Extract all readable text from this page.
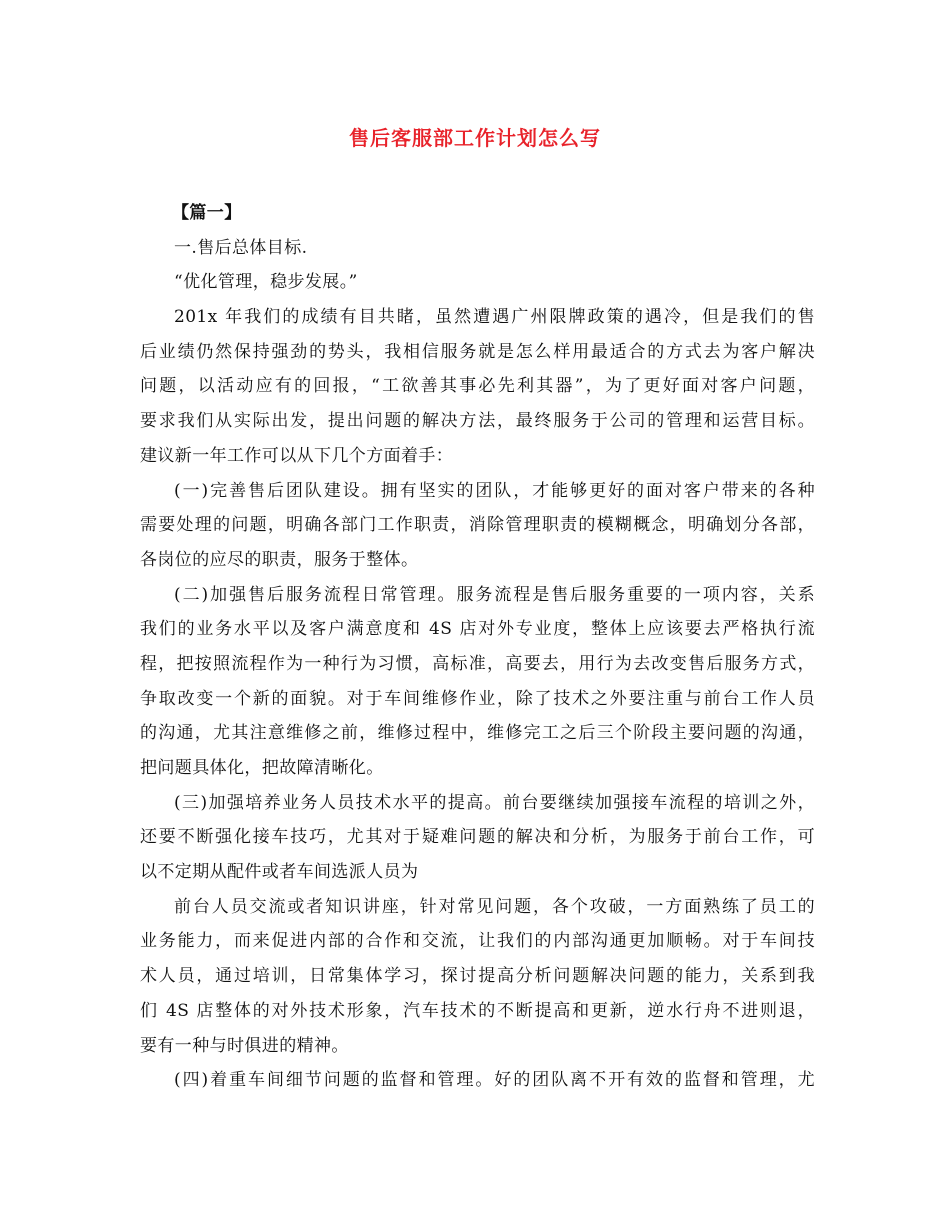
售后客服部工作计划怎么写
【篇一】
一.售后总体目标.
“优化管理，稳步发展。”
201x 年我们的成绩有目共睹，虽然遭遇广州限牌政策的遇冷，但是我们的售
后业绩仍然保持强劲的势头，我相信服务就是怎么样用最适合的方式去为客户解决
问题，以活动应有的回报，“工欲善其事必先利其器”，为了更好面对客户问题，
要求我们从实际出发，提出问题的解决方法，最终服务于公司的管理和运营目标。
建议新一年工作可以从下几个方面着手：
(一)完善售后团队建设。拥有坚实的团队，才能够更好的面对客户带来的各种
需要处理的问题，明确各部门工作职责，消除管理职责的模糊概念，明确划分各部，
各岗位的应尽的职责，服务于整体。
(二)加强售后服务流程日常管理。服务流程是售后服务重要的一项内容，关系
我们的业务水平以及客户满意度和 4S 店对外专业度，整体上应该要去严格执行流
程，把按照流程作为一种行为习惯，高标准，高要去，用行为去改变售后服务方式，
争取改变一个新的面貌。对于车间维修作业，除了技术之外要注重与前台工作人员
的沟通，尤其注意维修之前，维修过程中，维修完工之后三个阶段主要问题的沟通，
把问题具体化，把故障清晰化。
(三)加强培养业务人员技术水平的提高。前台要继续加强接车流程的培训之外，
还要不断强化接车技巧，尤其对于疑难问题的解决和分析，为服务于前台工作，可
以不定期从配件或者车间选派人员为
前台人员交流或者知识讲座，针对常见问题，各个攻破，一方面熟练了员工的
业务能力，而来促进内部的合作和交流，让我们的内部沟通更加顺畅。对于车间技
术人员，通过培训，日常集体学习，探讨提高分析问题解决问题的能力，关系到我
们 4S 店整体的对外技术形象，汽车技术的不断提高和更新，逆水行舟不进则退，
要有一种与时俱进的精神。
(四)着重车间细节问题的监督和管理。好的团队离不开有效的监督和管理，尤
